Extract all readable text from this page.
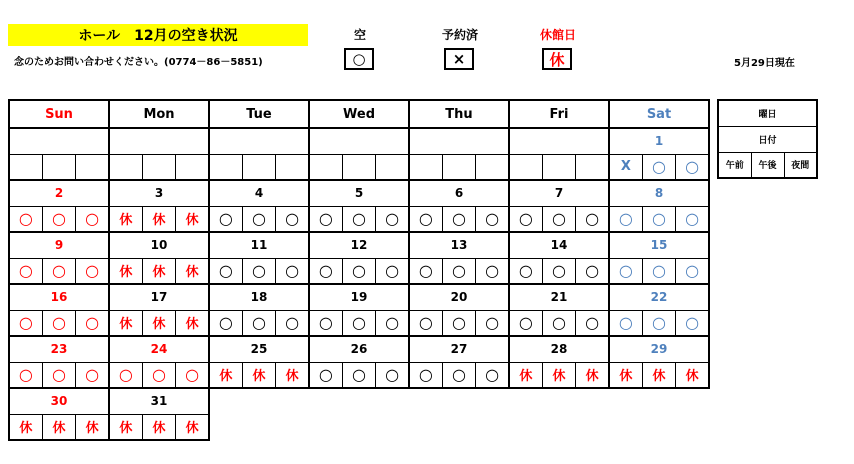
ホール　12月の空き状況
念のためお問い合わせください。(0774－86－5851)
空
○
予約済
×
休館日
休	5月29日現在
Sun			Mon			Tue			Wed			Thu			Fri			Sat		
																		1		
																		X	○	○
2			3			4			5			6			7			8		
○	○	○	休	休	休	○	○	○	○	○	○	○	○	○	○	○	○	○	○	○
9			10			11			12			13			14			15		
○	○	○	休	休	休	○	○	○	○	○	○	○	○	○	○	○	○	○	○	○
16			17			18			19			20			21			22		
○	○	○	休	休	休	○	○	○	○	○	○	○	○	○	○	○	○	○	○	○
23			24			25			26			27			28			29		
○	○	○	○	○	○	休	休	休	○	○	○	○	○	○	休	休	休	休	休	休
30			31																	
休	休	休	休	休	休															
曜日
日付
午前	午後	夜間
